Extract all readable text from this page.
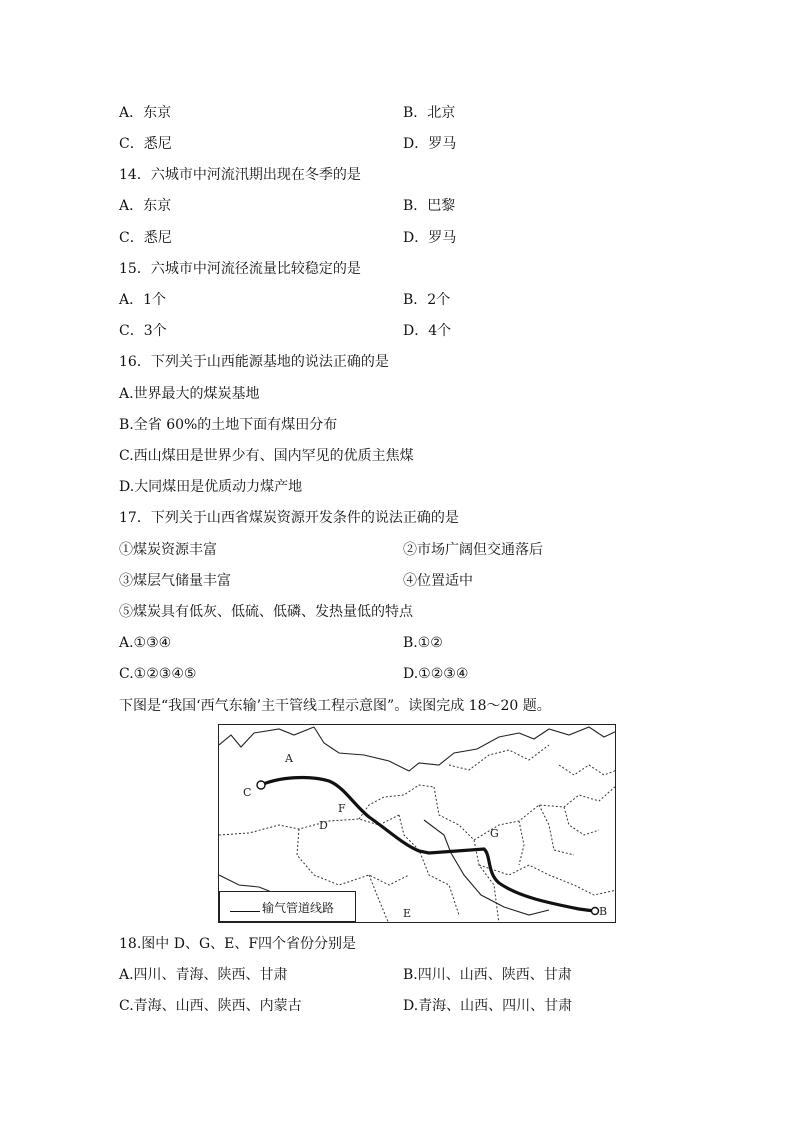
A．东京	B．北京
C．悉尼	D．罗马
14．六城市中河流汛期出现在冬季的是
A．东京	B．巴黎
C．悉尼	D．罗马
15．六城市中河流径流量比较稳定的是
A．1个	B．2个
C．3个	D．4个
16．下列关于山西能源基地的说法正确的是
A.世界最大的煤炭基地
B.全省 60%的土地下面有煤田分布
C.西山煤田是世界少有、国内罕见的优质主焦煤
D.大同煤田是优质动力煤产地
17．下列关于山西省煤炭资源开发条件的说法正确的是
①煤炭资源丰富	②市场广阔但交通落后
③煤层气储量丰富	④位置适中
⑤煤炭具有低灰、低硫、低磷、发热量低的特点
A.①③④	B.①②
C.①②③④⑤	D.①②③④
下图是“我国‘西气东输’主干管线工程示意图”。读图完成 18～20 题。
A
C
F
D
G
E	B
输气管道线路
18.图中 D、G、E、F四个省份分别是
A.四川、青海、陕西、甘肃	B.四川、山西、陕西、甘肃
C.青海、山西、陕西、内蒙古	D.青海、山西、四川、甘肃
